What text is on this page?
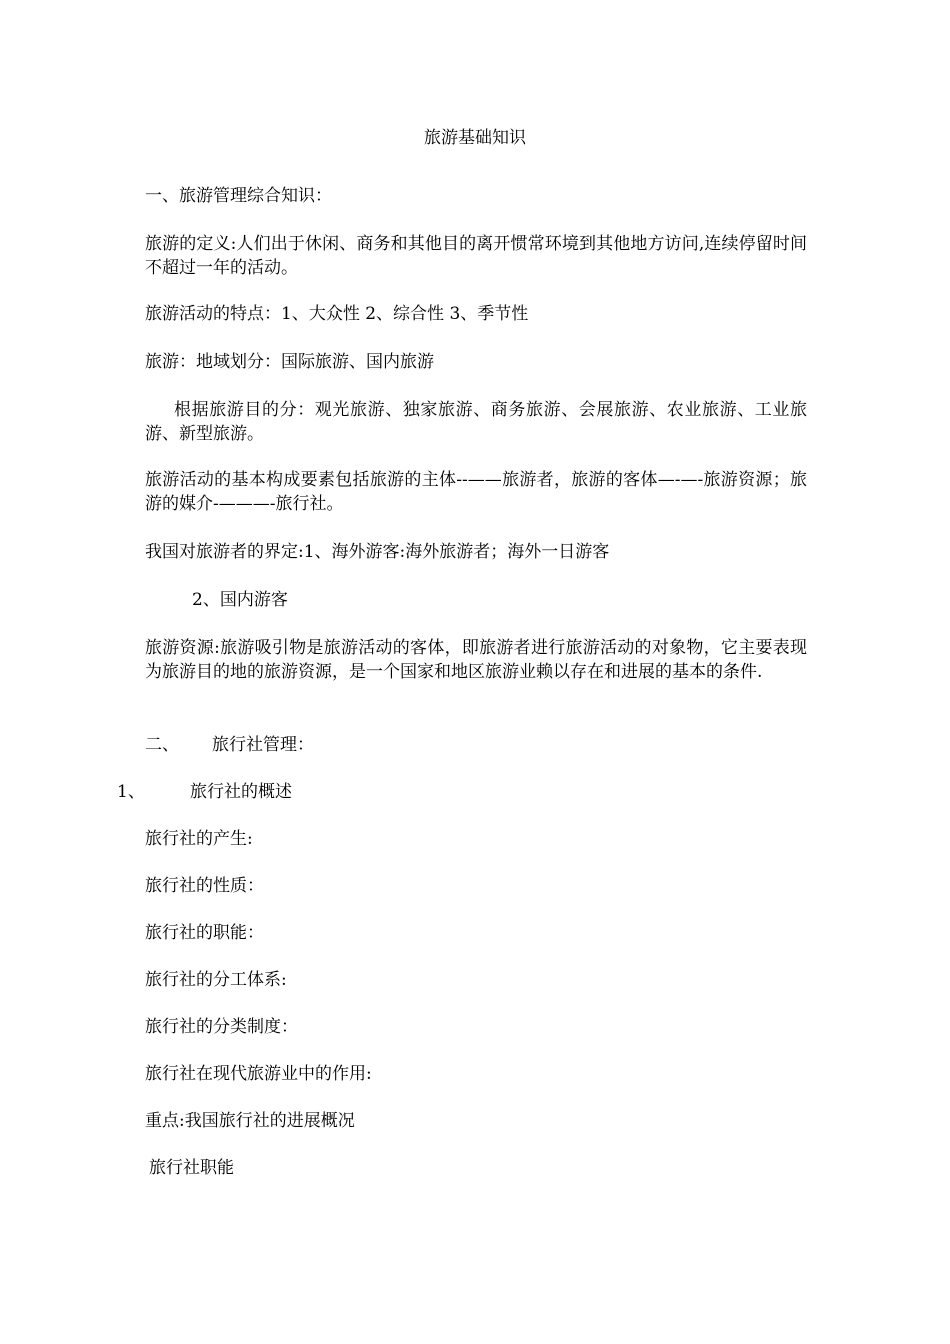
旅游基础知识
一、旅游管理综合知识：
旅游的定义:人们出于休闲、商务和其他目的离开惯常环境到其他地方访问,连续停留时间不超过一年的活动。
旅游活动的特点：1、大众性 2、综合性 3、季节性
旅游：地域划分：国际旅游、国内旅游
根据旅游目的分：观光旅游、独家旅游、商务旅游、会展旅游、农业旅游、工业旅游、新型旅游。
旅游活动的基本构成要素包括旅游的主体--——旅游者，旅游的客体—-—-旅游资源；旅游的媒介-———-旅行社。
我国对旅游者的界定:1、海外游客:海外旅游者；海外一日游客
2、国内游客
旅游资源:旅游吸引物是旅游活动的客体，即旅游者进行旅游活动的对象物，它主要表现为旅游目的地的旅游资源，是一个国家和地区旅游业赖以存在和进展的基本的条件.
二、 旅行社管理：
1、	旅行社的概述
旅行社的产生:
旅行社的性质：
旅行社的职能：
旅行社的分工体系:
旅行社的分类制度：
旅行社在现代旅游业中的作用:
重点:我国旅行社的进展概况
旅行社职能
